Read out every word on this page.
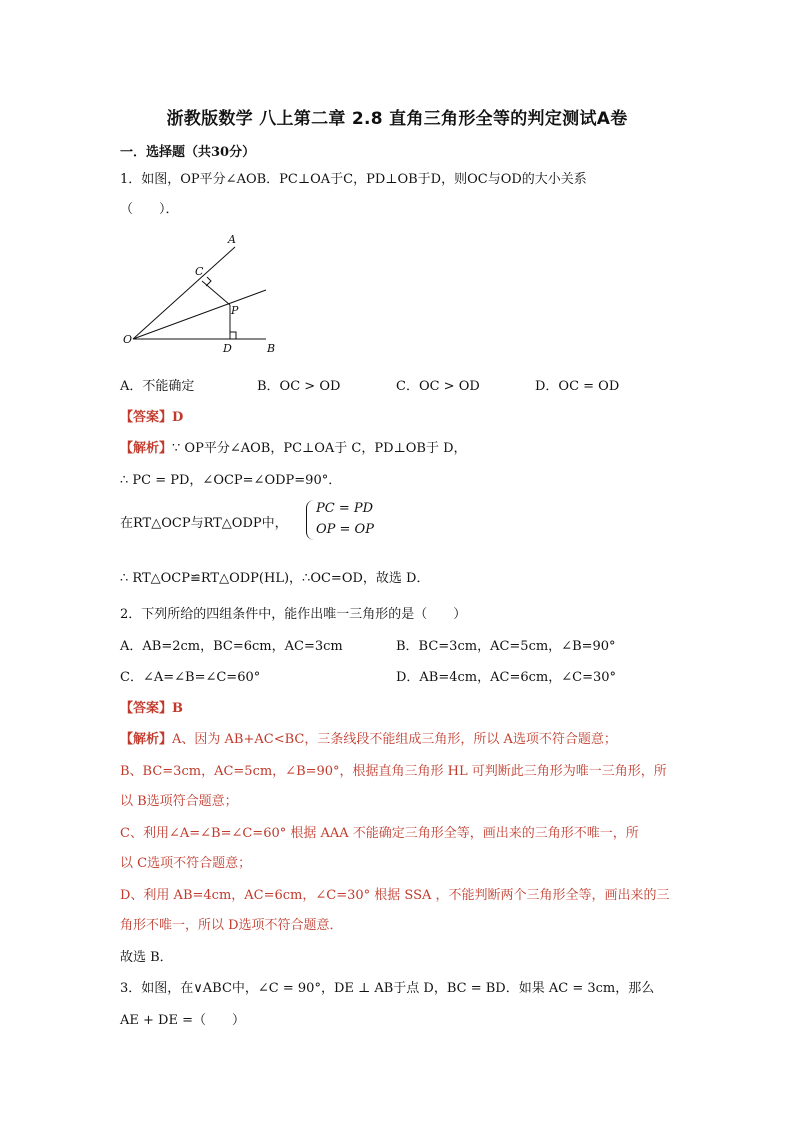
浙教版数学 八上第二章 2.8 直角三角形全等的判定测试A卷
一．选择题（共30分）
1．如图，OP平分∠AOB．PC⊥OA于C，PD⊥OB于D，则OC与OD的大小关系
（　　）．
A
C
P
O
D	B
A．不能确定	B．OC > OD	C．OC > OD	D．OC = OD
【答案】D
【解析】∵ OP平分∠AOB，PC⊥OA于 C，PD⊥OB于 D，
∴ PC = PD，∠OCP=∠ODP=90°．
在RT△OCP与RT△ODP中，
PC = PD
OP = OP
∴ RT△OCP≌RT△ODP(HL)，∴OC=OD，故选 D．
2．下列所给的四组条件中，能作出唯一三角形的是（　　）
A．AB=2cm，BC=6cm，AC=3cm	B．BC=3cm，AC=5cm，∠B=90°
C．∠A=∠B=∠C=60°	D．AB=4cm，AC=6cm，∠C=30°
【答案】B
【解析】A、因为 AB+AC<BC，三条线段不能组成三角形，所以 A选项不符合题意；
B、BC=3cm，AC=5cm，∠B=90°，根据直角三角形 HL 可判断此三角形为唯一三角形，所
以 B选项符合题意；
C、利用∠A=∠B=∠C=60° 根据 AAA 不能确定三角形全等，画出来的三角形不唯一，所
以 C选项不符合题意；
D、利用 AB=4cm，AC=6cm，∠C=30° 根据 SSA ，不能判断两个三角形全等，画出来的三
角形不唯一，所以 D选项不符合题意．
故选 B．
3．如图，在∨ABC中，∠C = 90°，DE ⊥ AB于点 D，BC = BD．如果 AC = 3cm，那么
AE + DE =（　　）
